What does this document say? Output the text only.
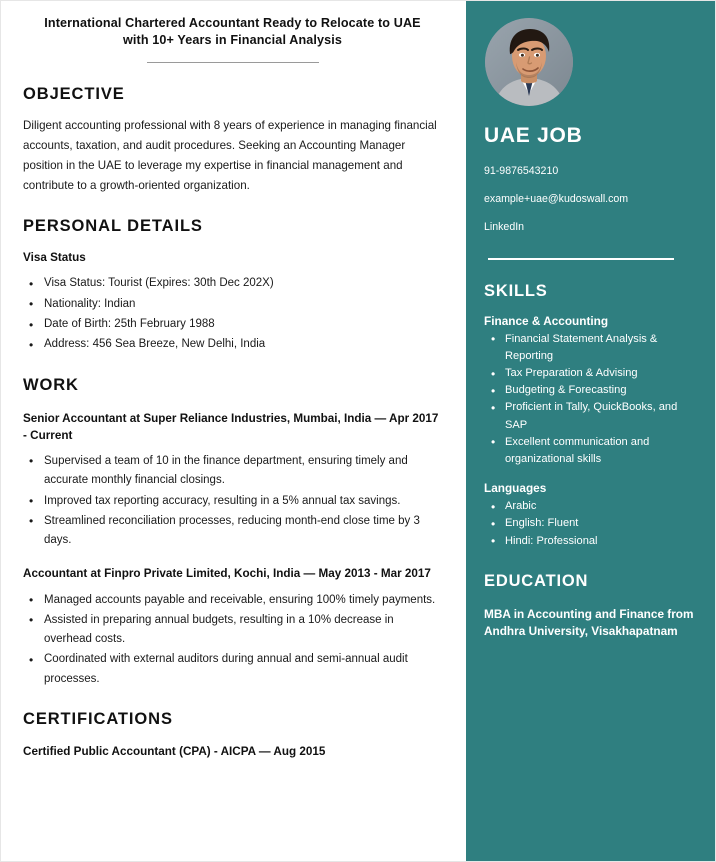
International Chartered Accountant Ready to Relocate to UAE with 10+ Years in Financial Analysis
OBJECTIVE
Diligent accounting professional with 8 years of experience in managing financial accounts, taxation, and audit procedures. Seeking an Accounting Manager position in the UAE to leverage my expertise in financial management and contribute to a growth-oriented organization.
PERSONAL DETAILS
Visa Status
• Visa Status: Tourist (Expires: 30th Dec 202X)
• Nationality: Indian
• Date of Birth: 25th February 1988
• Address: 456 Sea Breeze, New Delhi, India
WORK
Senior Accountant at Super Reliance Industries, Mumbai, India — Apr 2017 - Current
• Supervised a team of 10 in the finance department, ensuring timely and accurate monthly financial closings.
• Improved tax reporting accuracy, resulting in a 5% annual tax savings.
• Streamlined reconciliation processes, reducing month-end close time by 3 days.
Accountant at Finpro Private Limited, Kochi, India — May 2013 - Mar 2017
• Managed accounts payable and receivable, ensuring 100% timely payments.
• Assisted in preparing annual budgets, resulting in a 10% decrease in overhead costs.
• Coordinated with external auditors during annual and semi-annual audit processes.
CERTIFICATIONS
Certified Public Accountant (CPA) - AICPA — Aug 2015
UAE JOB
91-9876543210
example+uae@kudoswall.com
LinkedIn
SKILLS
Finance & Accounting
• Financial Statement Analysis & Reporting
• Tax Preparation & Advising
• Budgeting & Forecasting
• Proficient in Tally, QuickBooks, and SAP
• Excellent communication and organizational skills
Languages
• Arabic
• English: Fluent
• Hindi: Professional
EDUCATION
MBA in Accounting and Finance from Andhra University, Visakhapatnam
